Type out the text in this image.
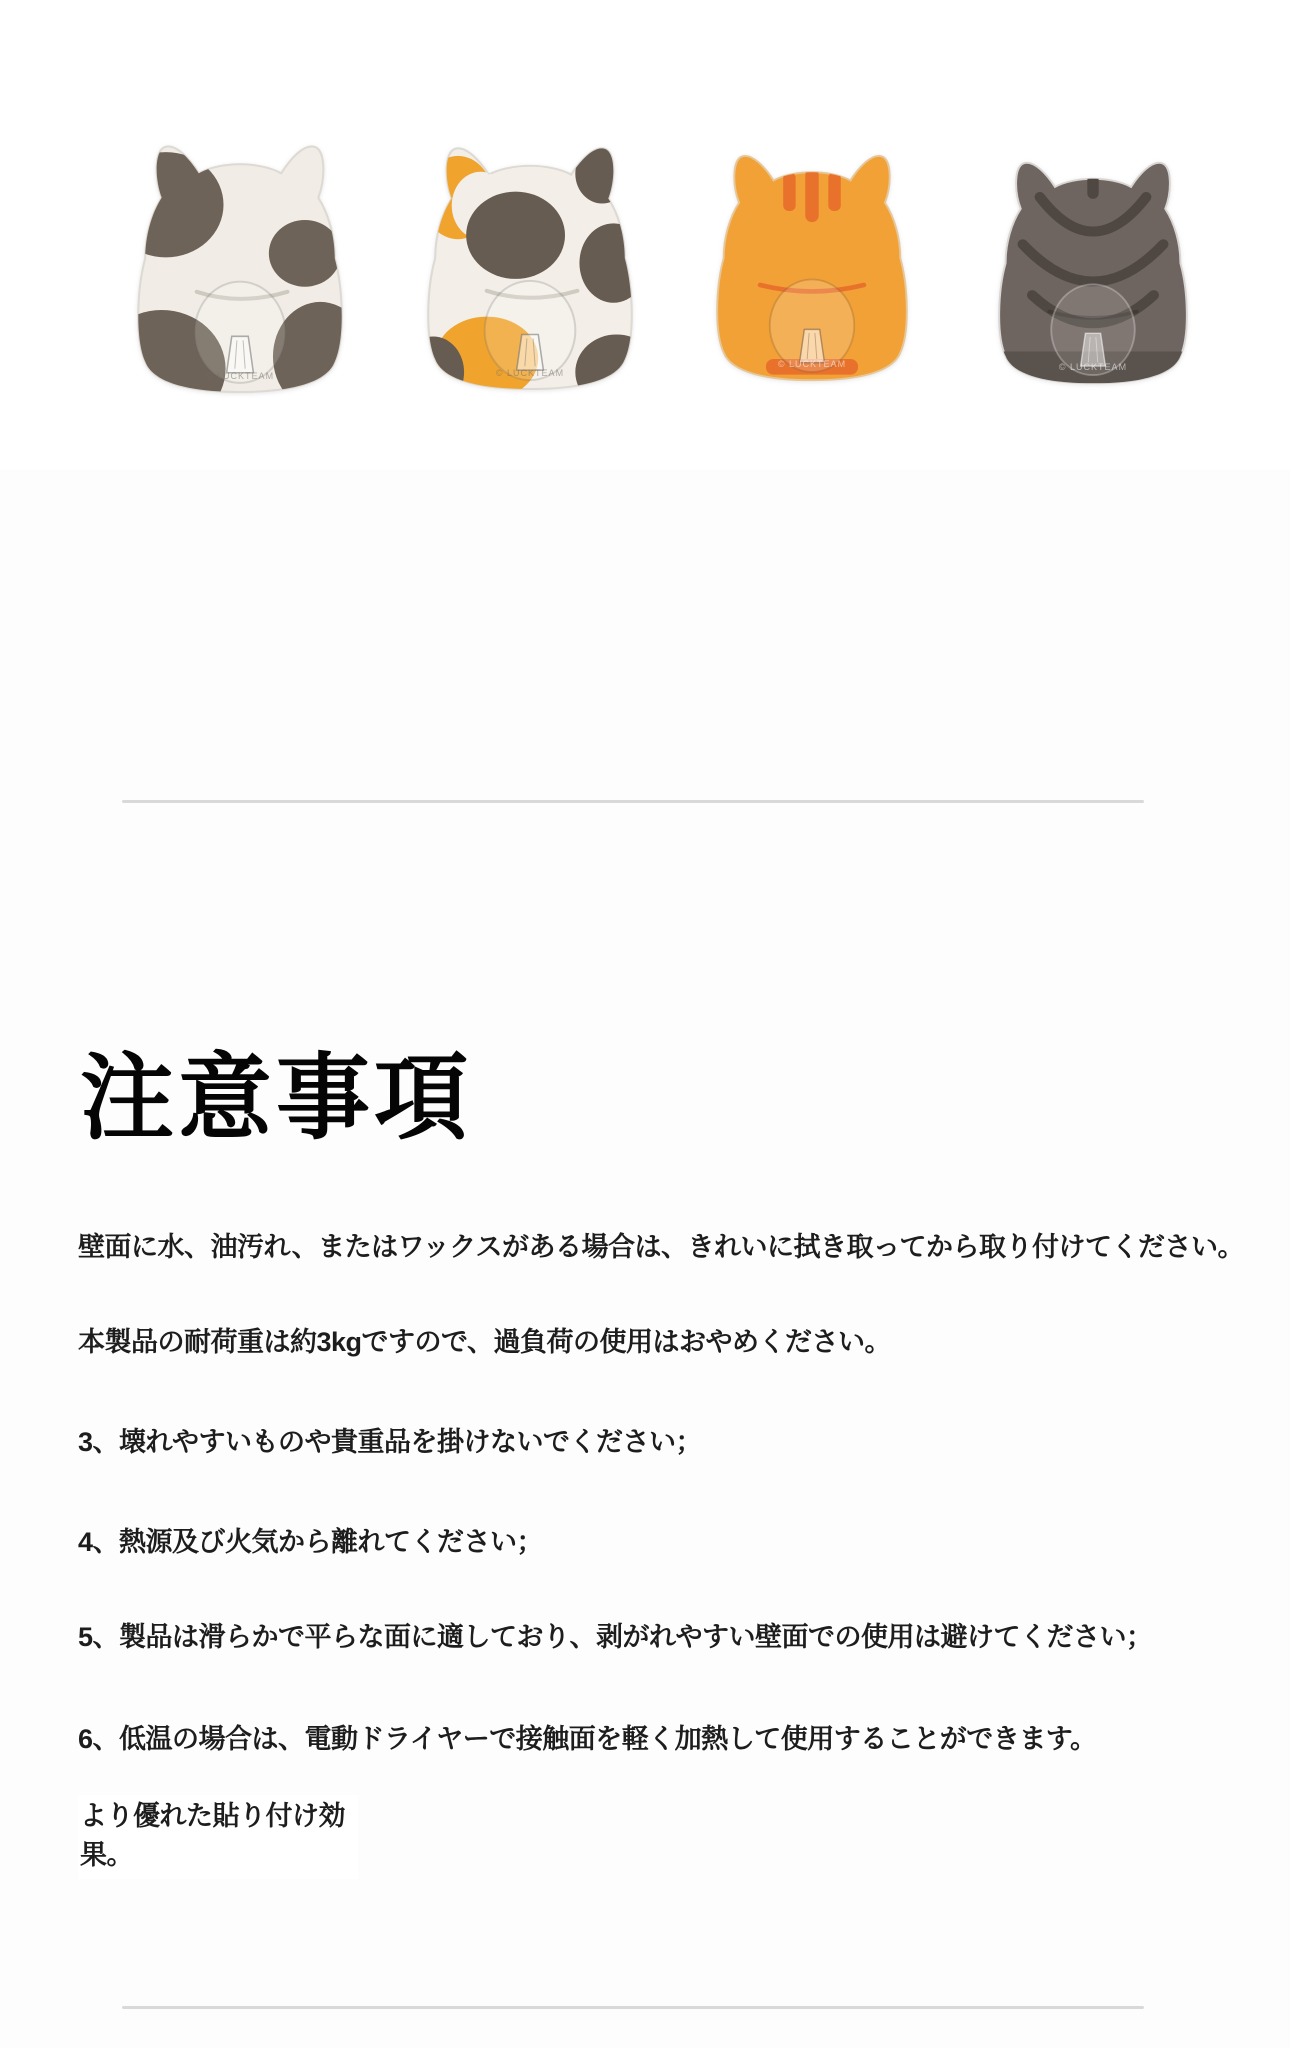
© LUCKTEAM	© LUCKTEAM
© LUCKTEAM	© LUCKTEAM
注意事項

壁面に水、油汚れ、またはワックスがある場合は、きれいに拭き取ってから取り付けてください。

本製品の耐荷重は約3kgですので、過負荷の使用はおやめください。

3、壊れやすいものや貴重品を掛けないでください；

4、熱源及び火気から離れてください；

5、製品は滑らかで平らな面に適しており、剥がれやすい壁面での使用は避けてください；

6、低温の場合は、電動ドライヤーで接触面を軽く加熱して使用することができます。

より優れた貼り付け効果。
